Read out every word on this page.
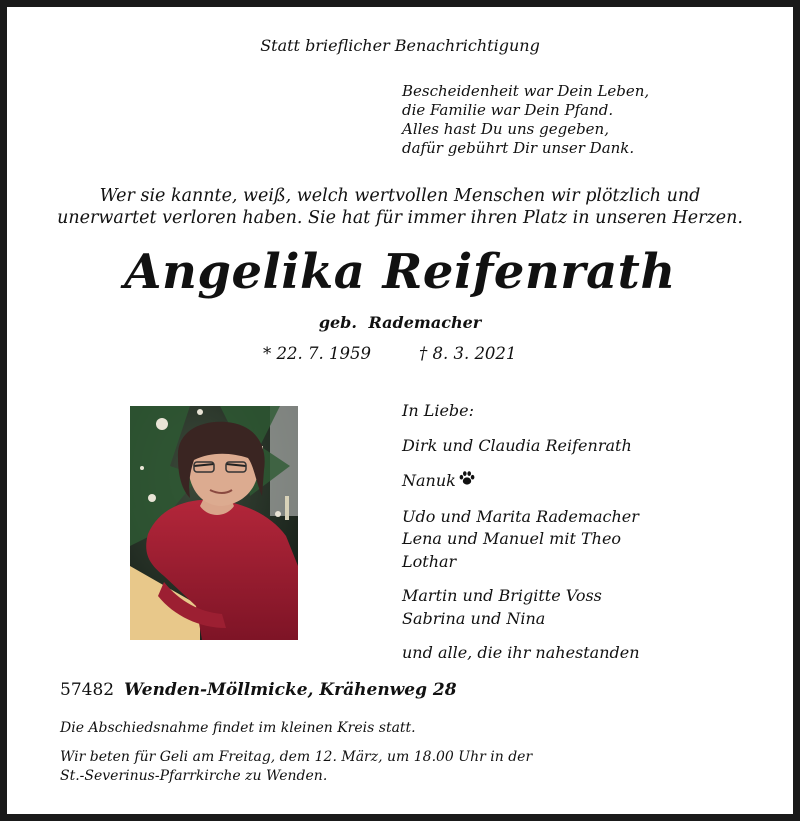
Statt brieflicher Benachrichtigung
Bescheidenheit war Dein Leben,
die Familie war Dein Pfand.
Alles hast Du uns gegeben,
dafür gebührt Dir unser Dank.
Wer sie kannte, weiß, welch wertvollen Menschen wir plötzlich und
unerwartet verloren haben. Sie hat für immer ihren Platz in unseren Herzen.
Angelika Reifenrath
geb. Rademacher
* 22. 7. 1959	† 8. 3. 2021
In Liebe:
Dirk und Claudia Reifenrath
Nanuk
Udo und Marita Rademacher
Lena und Manuel mit Theo
Lothar
Martin und Brigitte Voss
Sabrina und Nina
und alle, die ihr nahestanden
57482 Wenden-Möllmicke, Krähenweg 28
Die Abschiedsnahme findet im kleinen Kreis statt.
Wir beten für Geli am Freitag, dem 12. März, um 18.00 Uhr in der
St.-Severinus-Pfarrkirche zu Wenden.
